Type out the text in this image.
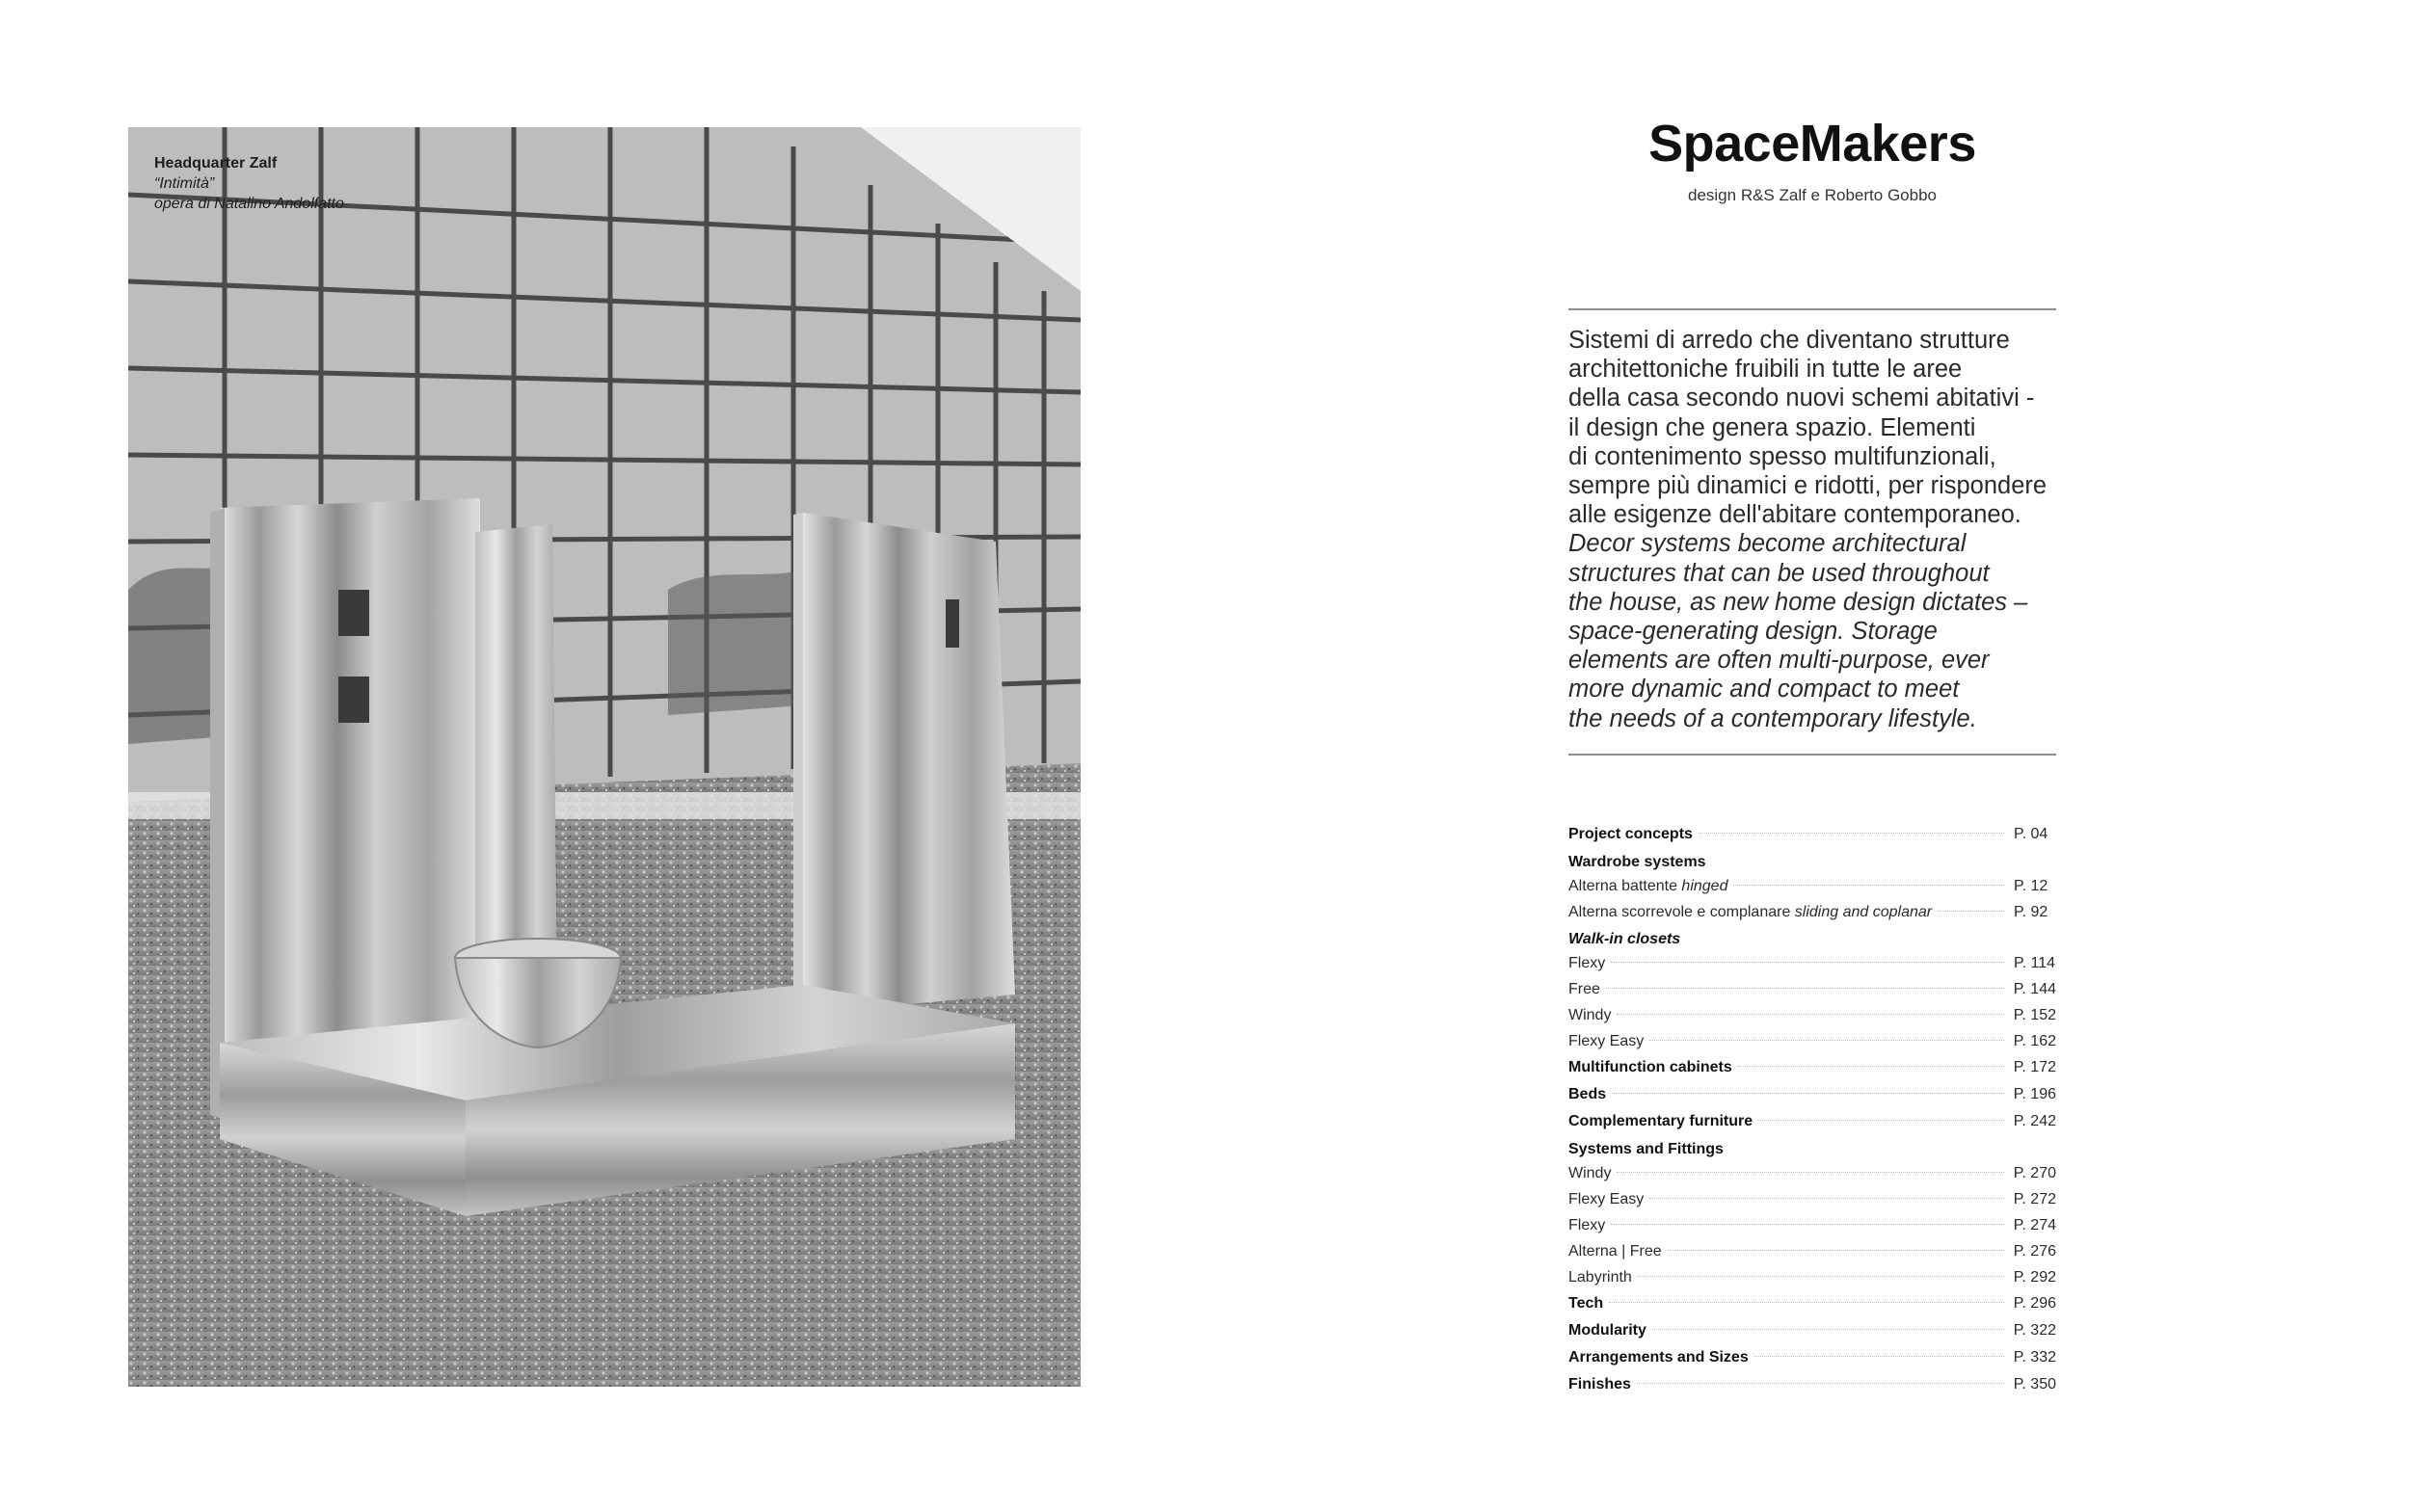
Headquarter Zalf
“Intimità”
opera di Natalino Andolfatto
SpaceMakers
design R&S Zalf e Roberto Gobbo
Sistemi di arredo che diventano strutture
architettoniche fruibili in tutte le aree
della casa secondo nuovi schemi abitativi -
il design che genera spazio. Elementi
di contenimento spesso multifunzionali,
sempre più dinamici e ridotti, per rispondere
alle esigenze dell'abitare contemporaneo.
Decor systems become architectural
structures that can be used throughout
the house, as new home design dictates –
space-generating design. Storage
elements are often multi-purpose, ever
more dynamic and compact to meet
the needs of a contemporary lifestyle.
Project concepts	P. 04
Wardrobe systems
Alterna battente hinged	P. 12
Alterna scorrevole e complanare sliding and coplanar	P. 92
Walk-in closets
Flexy	P. 114
Free	P. 144
Windy	P. 152
Flexy Easy	P. 162
Multifunction cabinets	P. 172
Beds	P. 196
Complementary furniture	P. 242
Systems and Fittings
Windy	P. 270
Flexy Easy	P. 272
Flexy	P. 274
Alterna | Free	P. 276
Labyrinth	P. 292
Tech	P. 296
Modularity	P. 322
Arrangements and Sizes	P. 332
Finishes	P. 350
